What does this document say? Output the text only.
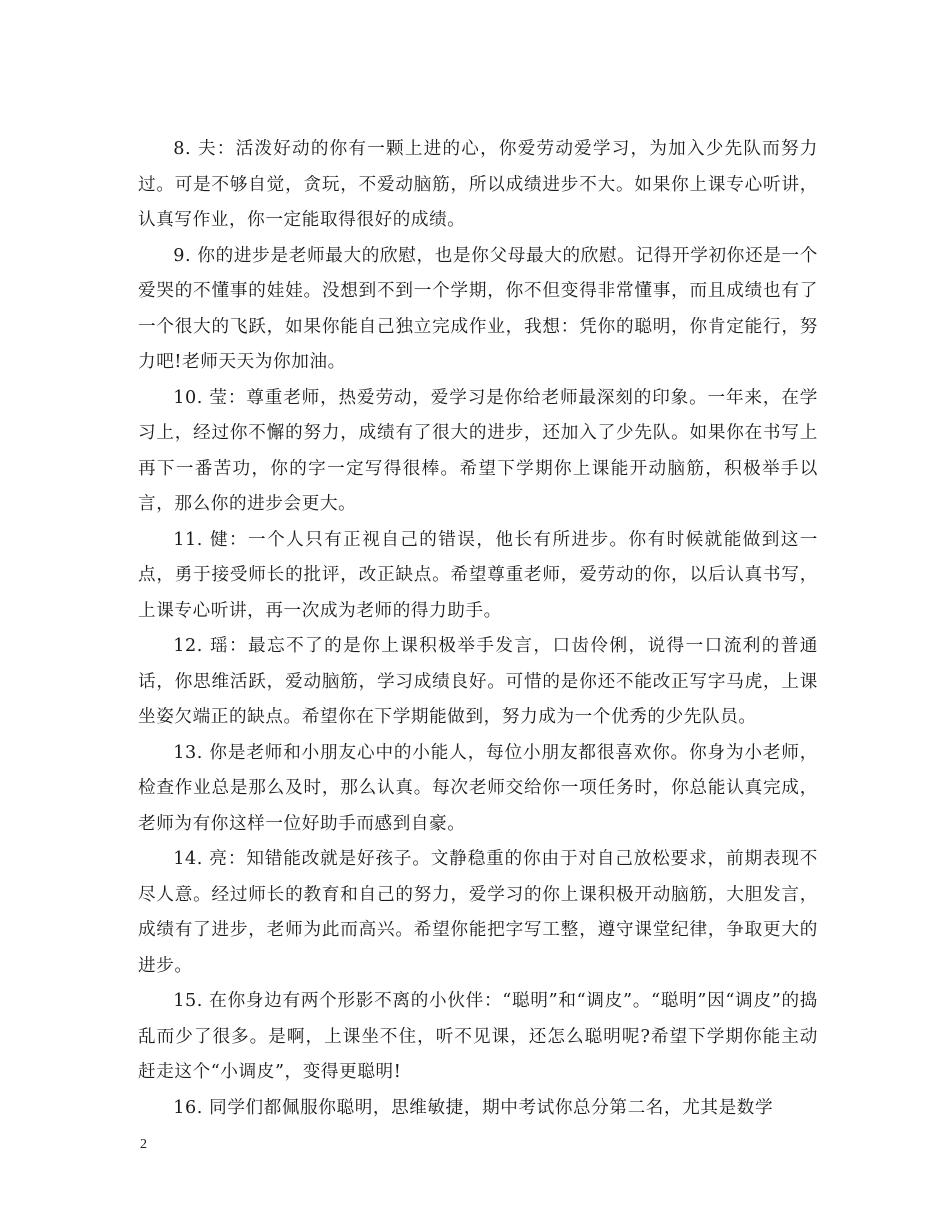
8. 夫：活泼好动的你有一颗上进的心，你爱劳动爱学习，为加入少先队而努力过。可是不够自觉，贪玩，不爱动脑筋，所以成绩进步不大。如果你上课专心听讲，认真写作业，你一定能取得很好的成绩。

9. 你的进步是老师最大的欣慰，也是你父母最大的欣慰。记得开学初你还是一个爱哭的不懂事的娃娃。没想到不到一个学期，你不但变得非常懂事，而且成绩也有了一个很大的飞跃，如果你能自己独立完成作业，我想：凭你的聪明，你肯定能行，努力吧!老师天天为你加油。

10. 莹：尊重老师，热爱劳动，爱学习是你给老师最深刻的印象。一年来，在学习上，经过你不懈的努力，成绩有了很大的进步，还加入了少先队。如果你在书写上再下一番苦功，你的字一定写得很棒。希望下学期你上课能开动脑筋，积极举手以言，那么你的进步会更大。

11. 健：一个人只有正视自己的错误，他长有所进步。你有时候就能做到这一点，勇于接受师长的批评，改正缺点。希望尊重老师，爱劳动的你，以后认真书写，上课专心听讲，再一次成为老师的得力助手。

12. 瑶：最忘不了的是你上课积极举手发言，口齿伶俐，说得一口流利的普通话，你思维活跃，爱动脑筋，学习成绩良好。可惜的是你还不能改正写字马虎，上课坐姿欠端正的缺点。希望你在下学期能做到，努力成为一个优秀的少先队员。

13. 你是老师和小朋友心中的小能人，每位小朋友都很喜欢你。你身为小老师，检查作业总是那么及时，那么认真。每次老师交给你一项任务时，你总能认真完成，老师为有你这样一位好助手而感到自豪。

14. 亮：知错能改就是好孩子。文静稳重的你由于对自己放松要求，前期表现不尽人意。经过师长的教育和自己的努力，爱学习的你上课积极开动脑筋，大胆发言，成绩有了进步，老师为此而高兴。希望你能把字写工整，遵守课堂纪律，争取更大的进步。

15. 在你身边有两个形影不离的小伙伴：“聪明”和“调皮”。“聪明”因“调皮”的捣乱而少了很多。是啊，上课坐不住，听不见课，还怎么聪明呢?希望下学期你能主动赶走这个“小调皮”，变得更聪明!

16. 同学们都佩服你聪明，思维敏捷，期中考试你总分第二名，尤其是数学

2
